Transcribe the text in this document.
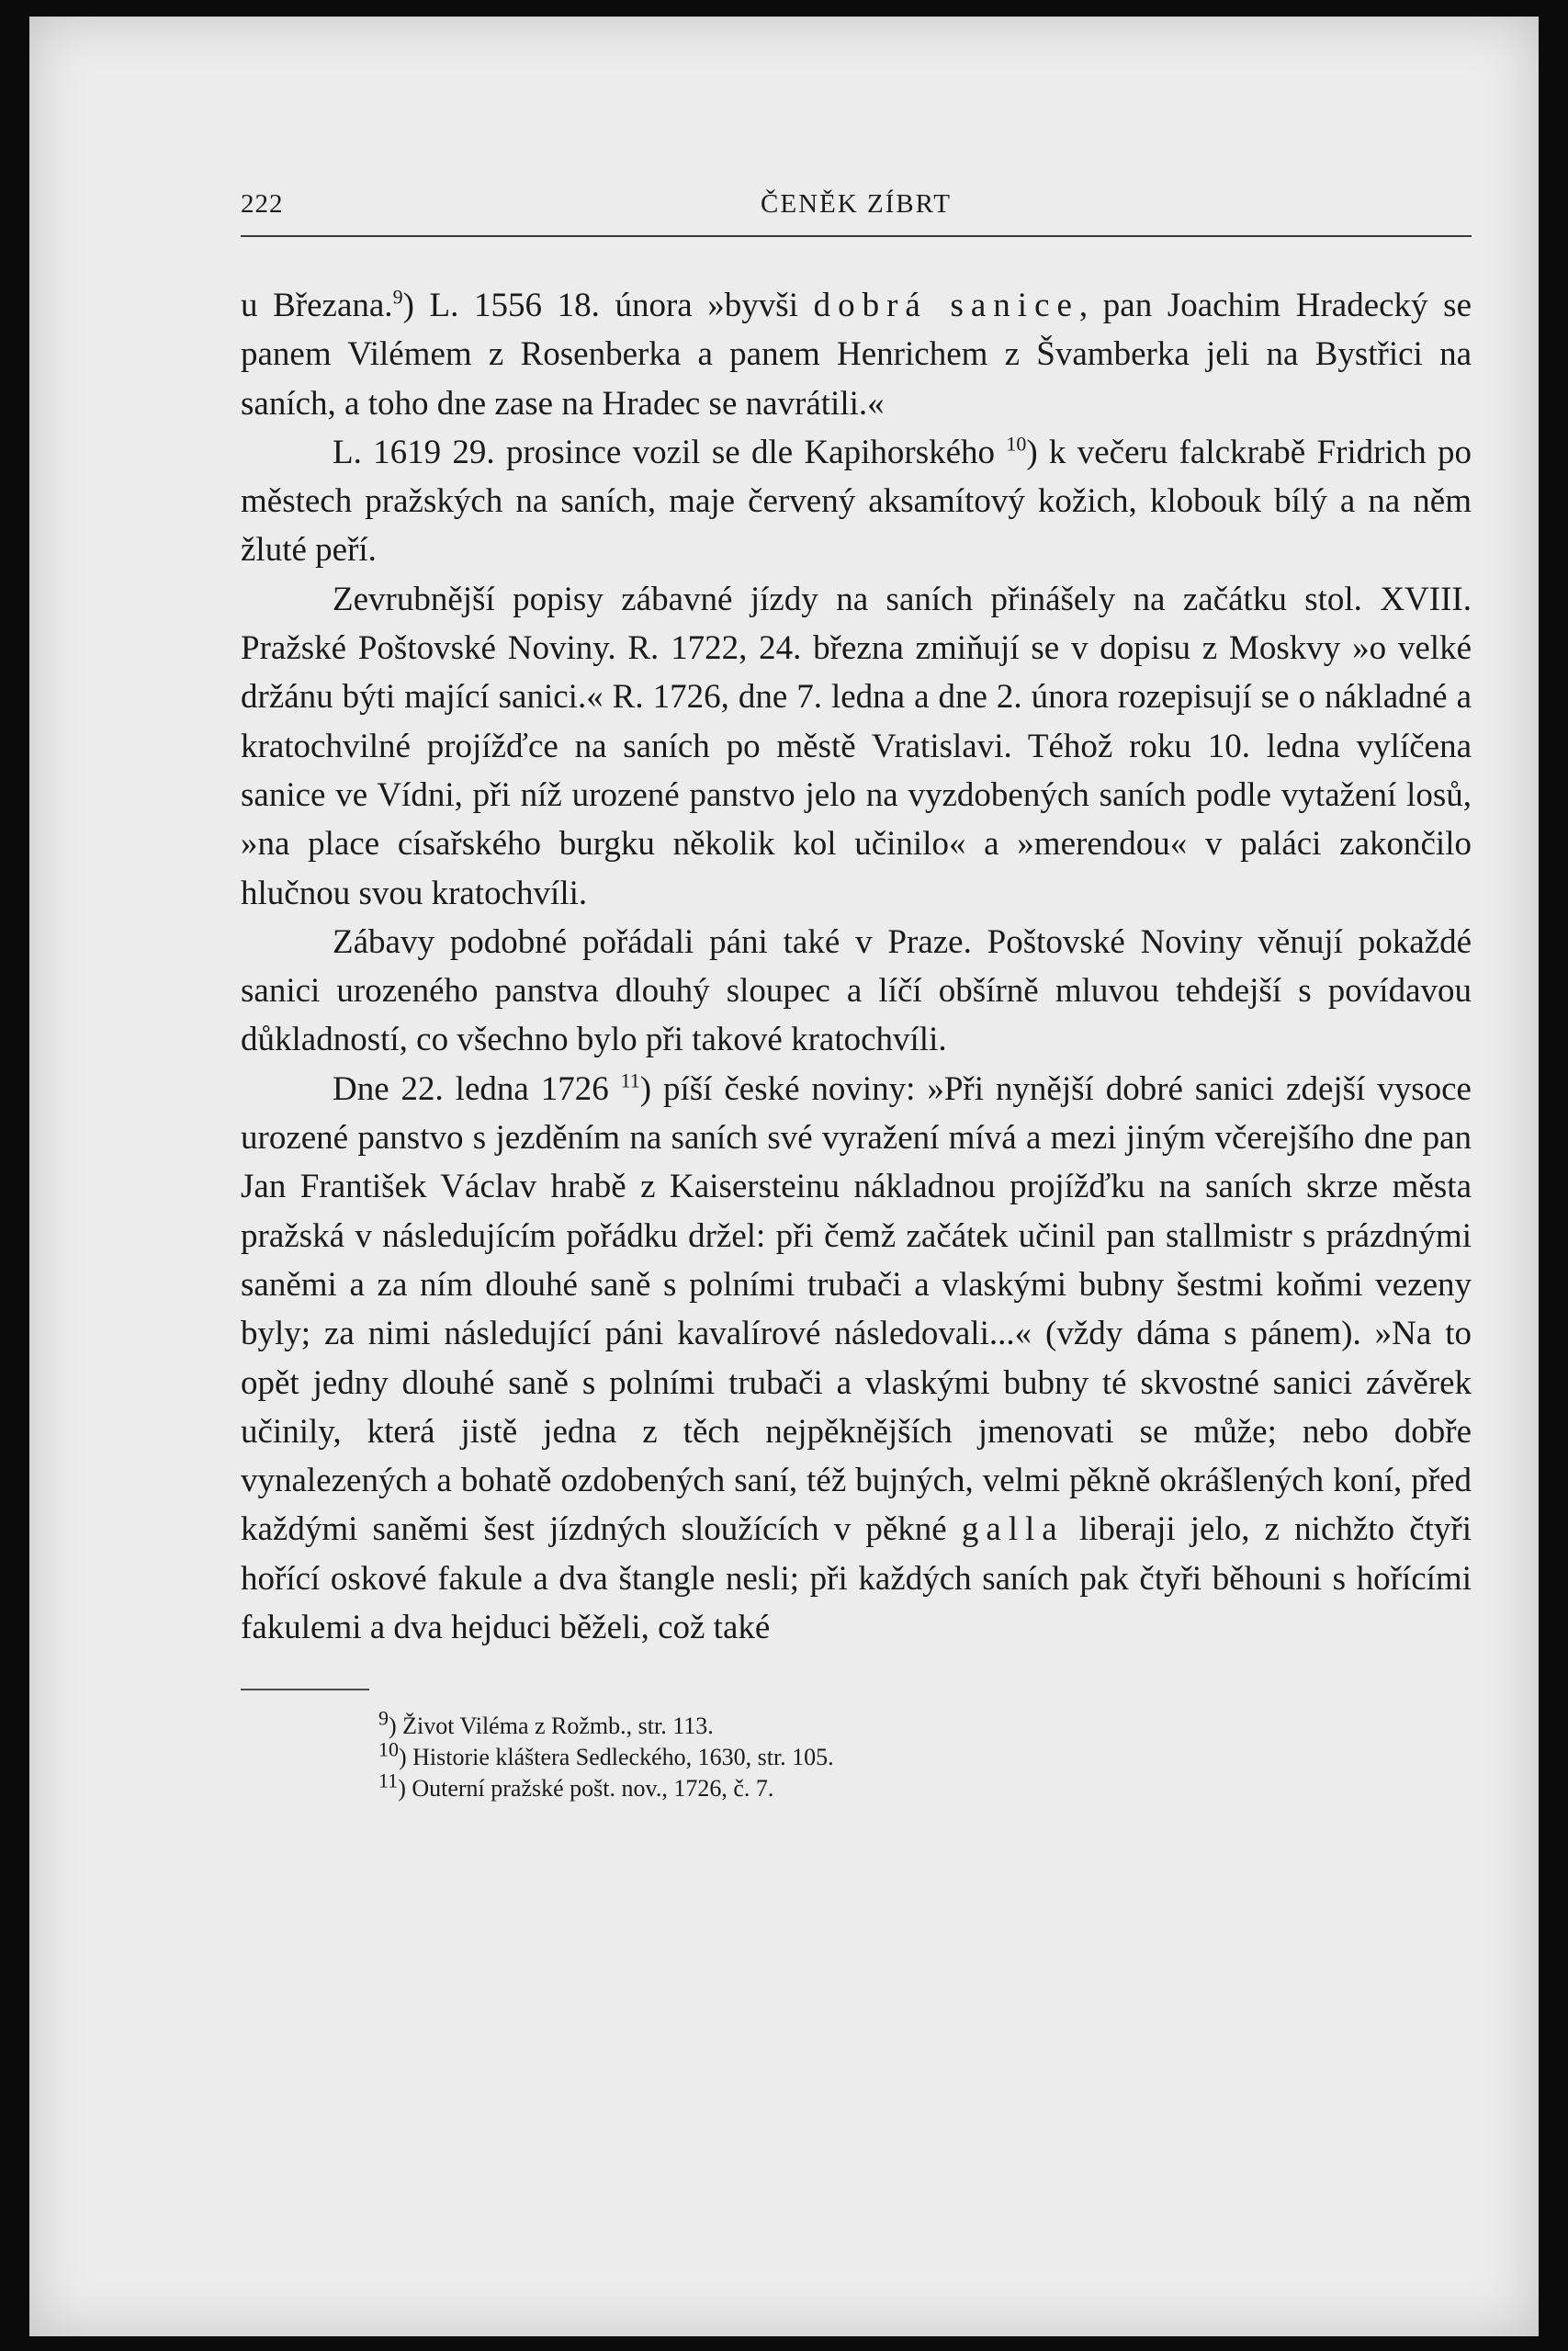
222	ČENĚK ZÍBRT

u Březana.$^9$) L. 1556 18. února »byvši dobrá sanice, pan Joachim Hradecký se panem Vilémem z Rosenberka a panem Henrichem z Švamberka jeli na Bystřici na saních, a toho dne zase na Hradec se navrátili.«

L. 1619 29. prosince vozil se dle Kapihorského $^{10}$) k večeru falckrabě Fridrich po městech pražských na saních, maje červený aksamítový kožich, klobouk bílý a na něm žluté peří.

Zevrubnější popisy zábavné jízdy na saních přinášely na začátku stol. XVIII. Pražské Poštovské Noviny. R. 1722, 24. března zmiňují se v dopisu z Moskvy »o velké držánu býti mající sanici.« R. 1726, dne 7. ledna a dne 2. února rozepisují se o nákladné a kratochvilné projížďce na saních po městě Vratislavi. Téhož roku 10. ledna vylíčena sanice ve Vídni, při níž urozené panstvo jelo na vyzdobených saních podle vytažení losů, »na place císařského burgku několik kol učinilo« a »merendou« v paláci zakončilo hlučnou svou kratochvíli.

Zábavy podobné pořádali páni také v Praze. Poštovské Noviny věnují pokaždé sanici urozeného panstva dlouhý sloupec a líčí obšírně mluvou tehdejší s povídavou důkladností, co všechno bylo při takové kratochvíli.

Dne 22. ledna 1726 $^{11}$) píší české noviny: »Při nynější dobré sanici zdejší vysoce urozené panstvo s jezděním na saních své vyražení mívá a mezi jiným včerejšího dne pan Jan František Václav hrabě z Kaisersteinu nákladnou projížďku na saních skrze města pražská v následujícím pořádku držel: při čemž začátek učinil pan stallmistr s prázdnými saněmi a za ním dlouhé saně s polními trubači a vlaskými bubny šestmi koňmi vezeny byly; za nimi následující páni kavalírové následovali...« (vždy dáma s pánem). »Na to opět jedny dlouhé saně s polními trubači a vlaskými bubny té skvostné sanici závěrek učinily, která jistě jedna z těch nejpěknějších jmenovati se může; nebo dobře vynalezených a bohatě ozdobených saní, též bujných, velmi pěkně okrášlených koní, před každými saněmi šest jízdných sloužících v pěkné galla liberaji jelo, z nichžto čtyři hořící oskové fakule a dva štangle nesli; při každých saních pak čtyři běhouni s hořícími fakulemi a dva hejduci běželi, což také

$^9$) Život Viléma z Rožmb., str. 113.
$^{10}$) Historie kláštera Sedleckého, 1630, str. 105.
$^{11}$) Outerní pražské pošt. nov., 1726, č. 7.
